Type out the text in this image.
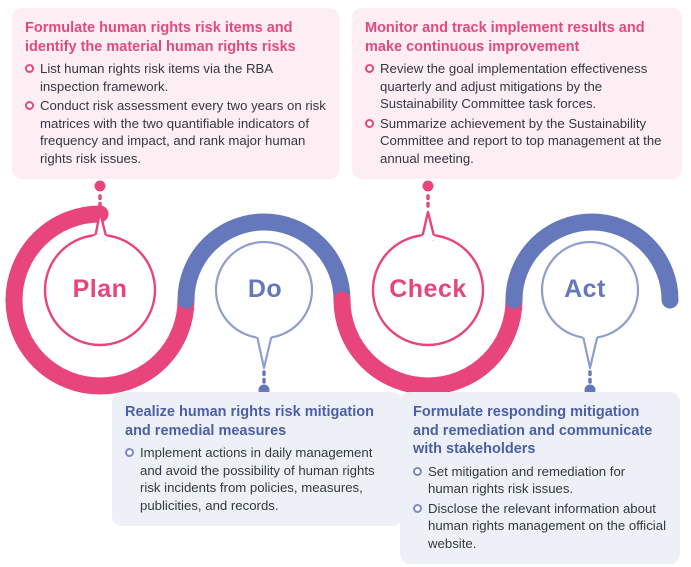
Plan	Do	Check	Act
Formulate human rights risk items and identify the material human rights risks
List human rights risk items via the RBA inspection framework.
Conduct risk assessment every two years on risk matrices with the two quantifiable indicators of frequency and impact, and rank major human rights risk issues.
Monitor and track implement results and make continuous improvement
Review the goal implementation effectiveness quarterly and adjust mitigations by the Sustainability Committee task forces.
Summarize achievement by the Sustainability Committee and report to top management at the annual meeting.
Realize human rights risk mitigation and remedial measures
Implement actions in daily management and avoid the possibility of human rights risk incidents from policies, measures, publicities, and records.
Formulate responding mitigation and remediation and communicate with stakeholders
Set mitigation and remediation for human rights risk issues.
Disclose the relevant information about human rights management on the official website.
